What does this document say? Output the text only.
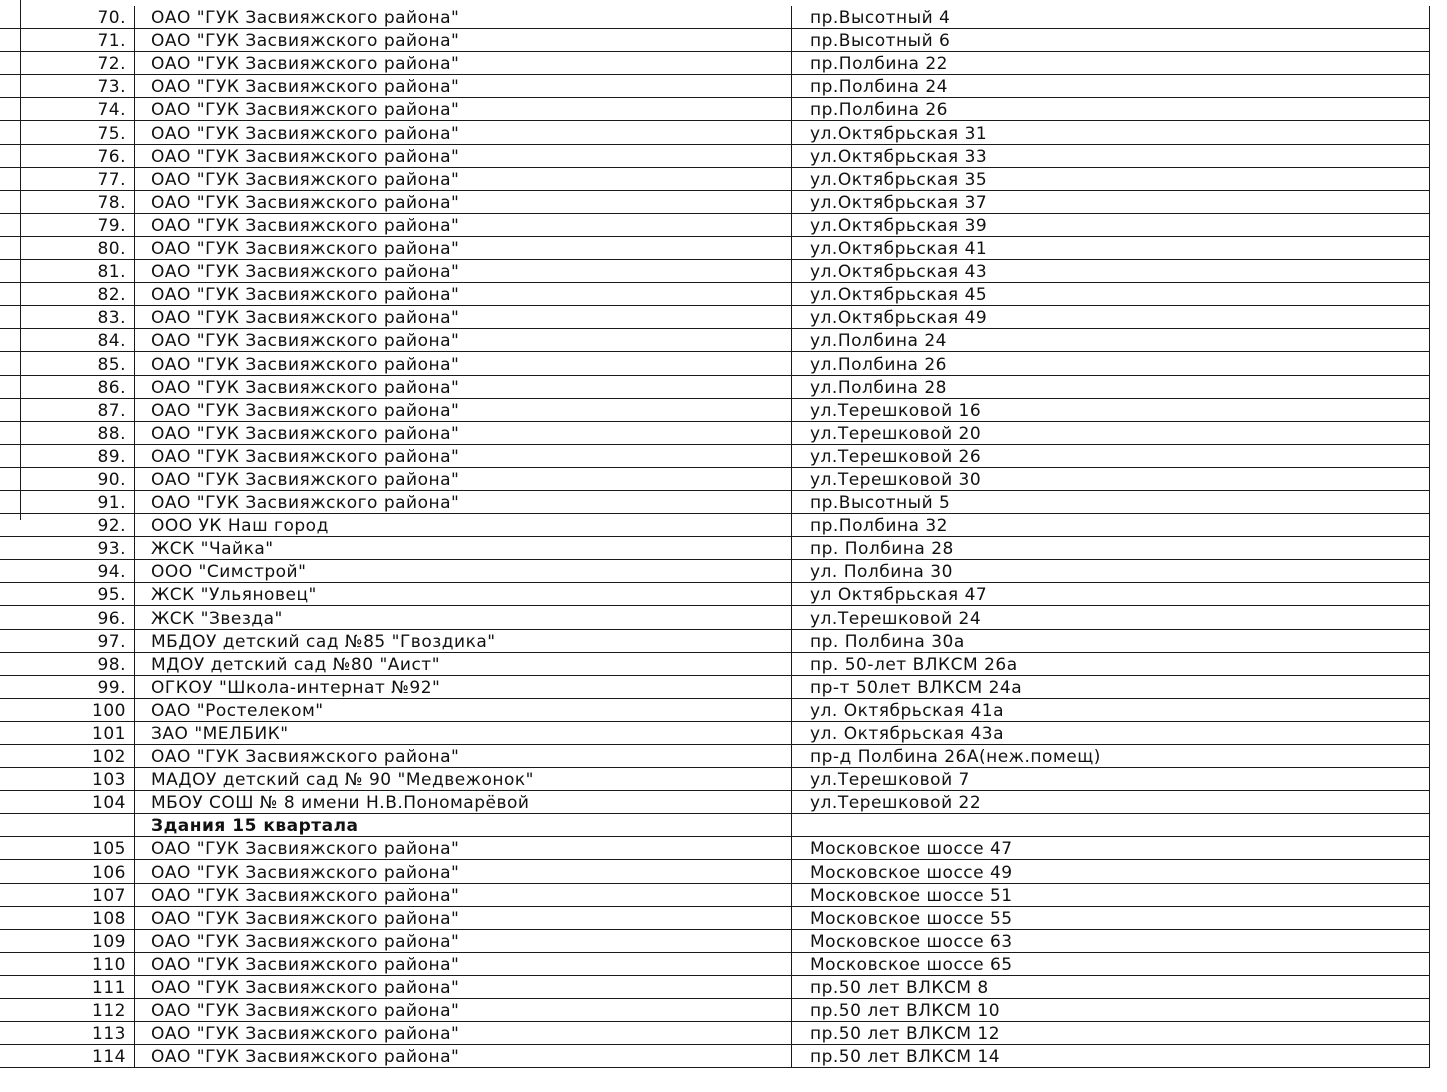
70.	ОАО "ГУК Засвияжского района"	пр.Высотный 4
71.	ОАО "ГУК Засвияжского района"	пр.Высотный 6
72.	ОАО "ГУК Засвияжского района"	пр.Полбина 22
73.	ОАО "ГУК Засвияжского района"	пр.Полбина 24
74.	ОАО "ГУК Засвияжского района"	пр.Полбина 26
75.	ОАО "ГУК Засвияжского района"	ул.Октябрьская 31
76.	ОАО "ГУК Засвияжского района"	ул.Октябрьская 33
77.	ОАО "ГУК Засвияжского района"	ул.Октябрьская 35
78.	ОАО "ГУК Засвияжского района"	ул.Октябрьская 37
79.	ОАО "ГУК Засвияжского района"	ул.Октябрьская 39
80.	ОАО "ГУК Засвияжского района"	ул.Октябрьская 41
81.	ОАО "ГУК Засвияжского района"	ул.Октябрьская 43
82.	ОАО "ГУК Засвияжского района"	ул.Октябрьская 45
83.	ОАО "ГУК Засвияжского района"	ул.Октябрьская 49
84.	ОАО "ГУК Засвияжского района"	ул.Полбина 24
85.	ОАО "ГУК Засвияжского района"	ул.Полбина 26
86.	ОАО "ГУК Засвияжского района"	ул.Полбина 28
87.	ОАО "ГУК Засвияжского района"	ул.Терешковой 16
88.	ОАО "ГУК Засвияжского района"	ул.Терешковой 20
89.	ОАО "ГУК Засвияжского района"	ул.Терешковой 26
90.	ОАО "ГУК Засвияжского района"	ул.Терешковой 30
91.	ОАО "ГУК Засвияжского района"	пр.Высотный 5
92.	ООО УК Наш город	пр.Полбина 32
93.	ЖСК "Чайка"	пр. Полбина 28
94.	ООО "Симстрой"	ул. Полбина 30
95.	ЖСК "Ульяновец"	ул Октябрьская 47
96.	ЖСК "Звезда"	ул.Терешковой 24
97.	МБДОУ детский сад №85 "Гвоздика"	пр. Полбина 30а
98.	МДОУ детский сад №80 "Аист"	пр. 50-лет ВЛКСМ 26а
99.	ОГКОУ "Школа-интернат №92"	пр-т 50лет ВЛКСМ 24а
100	ОАО "Ростелеком"	ул. Октябрьская 41а
101	ЗАО "МЕЛБИК"	ул. Октябрьская 43а
102	ОАО "ГУК Засвияжского района"	пр-д Полбина 26А(неж.помещ)
103	МАДОУ детский сад № 90 "Медвежонок"	ул.Терешковой 7
104	МБОУ СОШ № 8 имени Н.В.Пономарёвой	ул.Терешковой 22
	Здания 15 квартала	
105	ОАО "ГУК Засвияжского района"	Московское шоссе 47
106	ОАО "ГУК Засвияжского района"	Московское шоссе 49
107	ОАО "ГУК Засвияжского района"	Московское шоссе 51
108	ОАО "ГУК Засвияжского района"	Московское шоссе 55
109	ОАО "ГУК Засвияжского района"	Московское шоссе 63
110	ОАО "ГУК Засвияжского района"	Московское шоссе 65
111	ОАО "ГУК Засвияжского района"	пр.50 лет ВЛКСМ 8
112	ОАО "ГУК Засвияжского района"	пр.50 лет ВЛКСМ 10
113	ОАО "ГУК Засвияжского района"	пр.50 лет ВЛКСМ 12
114	ОАО "ГУК Засвияжского района"	пр.50 лет ВЛКСМ 14
